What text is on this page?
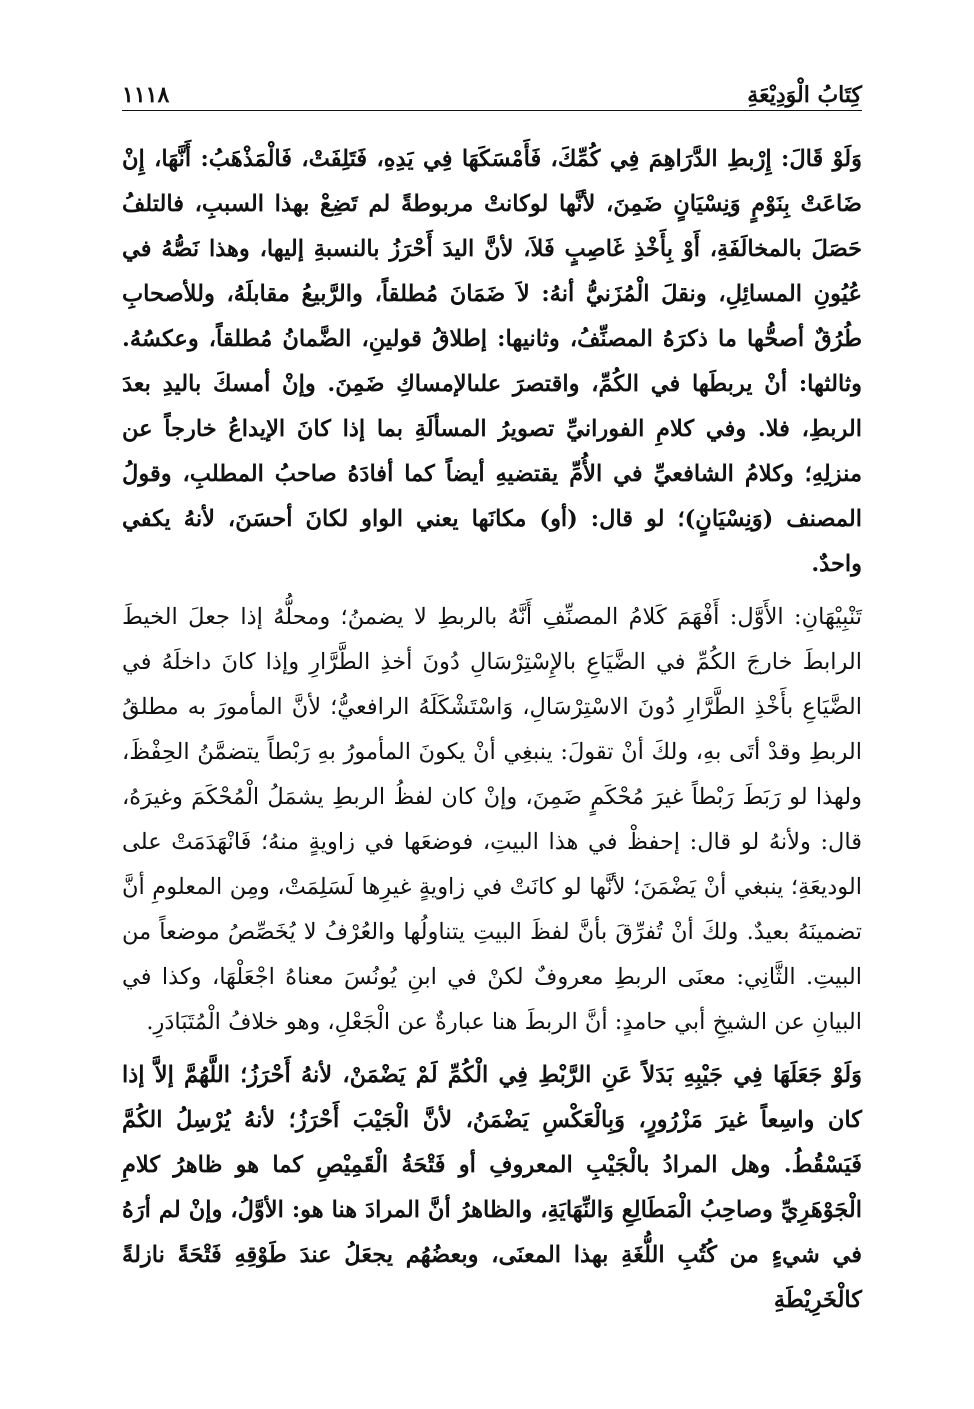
كِتَابُ الْوَدِيْعَةِ
١١١٨

وَلَوْ قَالَ: إِرْبطِ الدَّرَاهِمَ فِي كُمِّكَ، فَأَمْسَكَهَا فِي يَدِهِ، فَتَلِفَتْ، فَالْمَذْهَبُ: أَنَّهَا، إِنْ ضَاعَتْ بِنَوْمٍ وَنِسْيَانٍ ضَمِنَ، لأنَّها لوكانتْ مربوطةً لم تَضِعْ بهذا السببِ، فالتلفُ حَصَلَ بالمخالَفَةِ، أَوْ بِأَخْذِ غَاصِبٍ فَلاَ، لأنَّ اليدَ أَحْرَزُ بالنسبةِ إليها، وهذا نَصُّهُ في عُيُونِ المسائِلِ، ونقلَ الْمُزَنيُّ أنهُ: لاَ ضَمَانَ مُطلقاً، والرَّبيعُ مقابلَهُ، وللأصحابِ طُرُقٌ أصحُّها ما ذكرَهُ المصنِّفُ، وثانيها: إطلاقُ قولينِ، الضَّمانُ مُطلقاً، وعكسُهُ. وثالثها: أنْ يربطَها في الكُمِّ، واقتصرَ علىالإمساكِ ضَمِنَ. وإنْ أمسكَ باليدِ بعدَ الربطِ، فلا. وفي كلامِ الفورانيِّ تصويرُ المسألَةِ بما إذا كانَ الإيداعُ خارجاً عن منزلِهِ؛ وكلامُ الشافعيِّ في الأُمِّ يقتضيهِ أيضاً كما أفادَهُ صاحبُ المطلبِ، وقولُ المصنف (وَنِسْيَانٍ)؛ لو قال: (أو) مكانَها يعني الواو لكانَ أحسَنَ، لأنهُ يكفي واحدٌ.

تَنْبِيْهَانِ: الأَوَّل: أَفْهَمَ كَلامُ المصنِّفِ أَنَّهُ بالربطِ لا يضمنُ؛ ومحلُّهُ إذا جعلَ الخيطَ الرابطَ خارجَ الكُمِّ في الضَّيَاعِ بالإِسْتِرْسَالِ دُونَ أخذِ الطَّرَّارِ وإذا كانَ داخلَهُ في الضَّيَاعِ بأَخْذِ الطَّرَّارِ دُونَ الاسْتِرْسَالِ، وَاسْتَشْكَلَهُ الرافعيُّ؛ لأنَّ المأمورَ به مطلقُ الربطِ وقدْ أتَى بهِ، ولكَ أنْ تقولَ: ينبغِي أنْ يكونَ المأمورُ بهِ رَبْطاً يتضمَّنُ الحِفْظَ، ولهذا لو رَبَطَ رَبْطاً غيرَ مُحْكَمٍ ضَمِنَ، وإنْ كان لفظُ الربطِ يشمَلُ الْمُحْكَمَ وغيرَهُ، قال: ولأنهُ لو قال: إحفظْ في هذا البيتِ، فوضعَها في زاويةٍ منهُ؛ فَانْهَدَمَتْ على الوديعَةِ؛ ينبغي أنْ يَضْمَنَ؛ لأنَّها لو كانَتْ في زاويةٍ غيرِها لَسَلِمَتْ، ومِن المعلومِ أنَّ تضمينَهُ بعيدٌ. ولكَ أنْ تُفرِّقَ بأنَّ لفظَ البيتِ يتناولُها والعُرْفُ لا يُخَصِّصُ موضعاً من البيتِ. الثَّانِي: معنَى الربطِ معروفٌ لكنْ في ابنِ يُونُسَ معناهُ اجْعَلْهَا، وكذا في البيانِ عن الشيخِ أبي حامدٍ: أنَّ الربطَ هنا عبارةٌ عن الْجَعْلِ، وهو خلافُ الْمُتَبَادَرِ.

وَلَوْ جَعَلَهَا فِي جَيْبِهِ بَدَلاً عَنِ الرَّبْطِ فِي الْكُمِّ لَمْ يَضْمَنْ، لأنهُ أَحْرَزُ؛ اللَّهُمَّ إلاَّ إذا كان واسِعاً غيرَ مَزْرُورٍ، وَبِالْعَكْسِ يَضْمَنُ، لأنَّ الْجَيْبَ أَحْرَزُ؛ لأنهُ يُرْسِلُ الكُمَّ فَيَسْقُطُ. وهل المرادُ بالْجَيْبِ المعروفِ أو فَتْحَةُ الْقَمِيْصِ كما هو ظاهرُ كلامِ الْجَوْهَرِيِّ وصاحِبُ الْمَطَالِعِ وَالنِّهَايَةِ، والظاهرُ أنَّ المرادَ هنا هو: الأوَّلُ، وإنْ لم أرَهُ في شيءٍ من كُتُبِ اللُّغَةِ بهذا المعنَى، وبعضُهُم يجعَلُ عندَ طَوْقِهِ فَتْحَةً نازلةً كالْخَرِيْطَةِ
